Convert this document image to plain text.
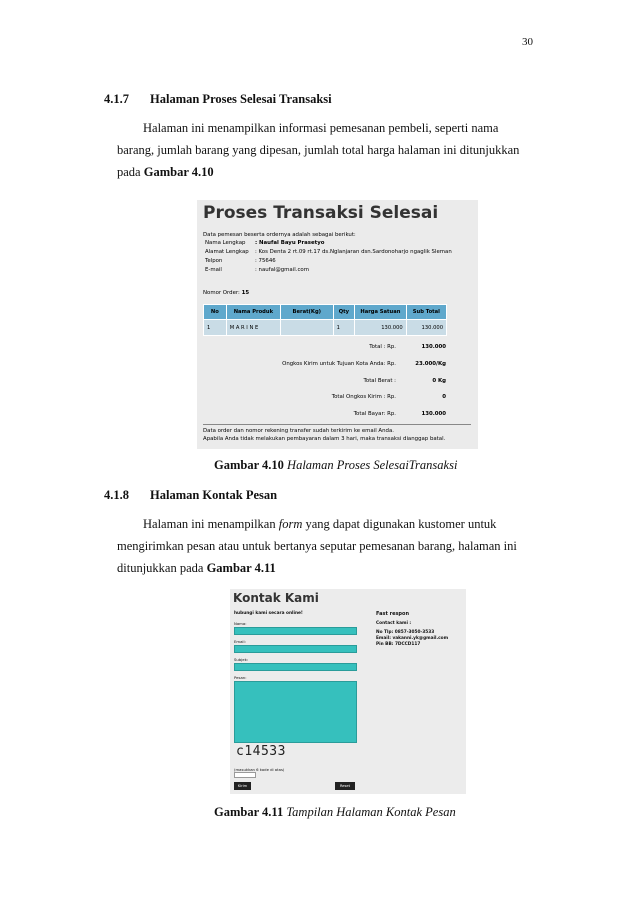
30
4.1.7 Halaman Proses Selesai Transaksi
Halaman ini menampilkan informasi pemesanan pembeli, seperti nama
barang, jumlah barang yang dipesan, jumlah total harga halaman ini ditunjukkan
pada Gambar 4.10
Proses Transaksi Selesai
Data pemesan beserta ordernya adalah sebagai berikut:
Nama Lengkap : Naufal Bayu Prasetyo
Alamat Lengkap : Kos Denta 2 rt.09 rt.17 ds.Nglanjaran dsn.Sardonoharjo ngaglik Sleman
Telpon	: 75646
E-mail	: naufal@gmail.com
Nomor Order: 15
No	Nama Produk	Berat(Kg)	Qty	Harga Satuan	Sub Total
1	M A R I N E		1	130.000	130.000
Total : Rp.	130.000
Ongkos Kirim untuk Tujuan Kota Anda: Rp.	23.000/Kg
Total Berat :	0 Kg
Total Ongkos Kirim : Rp.	0
Total Bayar: Rp.	130.000
Data order dan nomor rekening transfer sudah terkirim ke email Anda.
Apabila Anda tidak melakukan pembayaran dalam 3 hari, maka transaksi dianggap batal.
Gambar 4.10 Halaman Proses SelesaiTransaksi
4.1.8 Halaman Kontak Pesan
Halaman ini menampilkan form yang dapat digunakan kustomer untuk
mengirimkan pesan atau untuk bertanya seputar pemesanan barang, halaman ini
ditunjukkan pada Gambar 4.11
Kontak Kami
hubungi kami secara online!
Nama:
Email:
Subjek:
Pesan:
c14533
(masukkan 6 kode di atas)
Kirim	Reset
Fast respon
Contact kami :
No Tlp: 0857-3050-3533
Email: vakanni.yk@gmail.com
Pin BB: 7DCCD117
Gambar 4.11 Tampilan Halaman Kontak Pesan
